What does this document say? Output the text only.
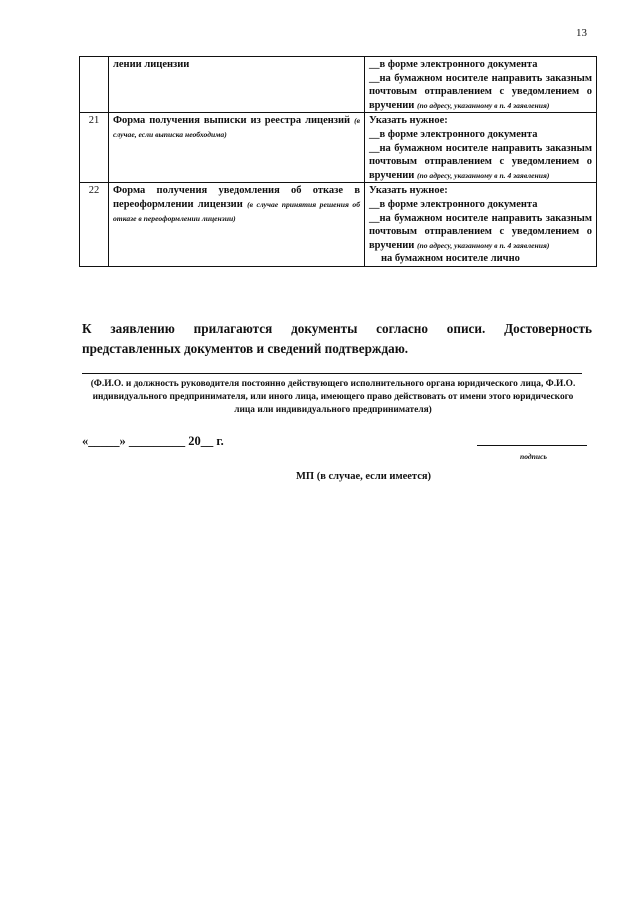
13
	лении лицензии	__в форме электронного документа
__на бумажном носителе направить заказным почтовым отправлением с уведомлением о вручении (по адресу, указанному в п. 4 заявления)

21	Форма получения выписки из реестра лицензий (в случае, если выписка необходима)	Указать нужное:
__в форме электронного документа
__на бумажном носителе направить заказным почтовым отправлением с уведомлением о вручении (по адресу, указанному в п. 4 заявления)

22	Форма получения уведомления об отказе в переоформлении лицензии (в случае принятия решения об отказе в переоформлении лицензии)	Указать нужное:
__в форме электронного документа
__на бумажном носителе направить заказным почтовым отправлением с уведомлением о вручении (по адресу, указанному в п. 4 заявления)
на бумажном носителе лично
К заявлению прилагаются документы согласно описи. Достоверность представленных документов и сведений подтверждаю.
(Ф.И.О. и должность руководителя постоянно действующего исполнительного органа юридического лица, Ф.И.О. индивидуального предпринимателя, или иного лица, имеющего право действовать от имени этого юридического лица или индивидуального предпринимателя)
«_____» _________ 20__ г.
подпись
МП (в случае, если имеется)
